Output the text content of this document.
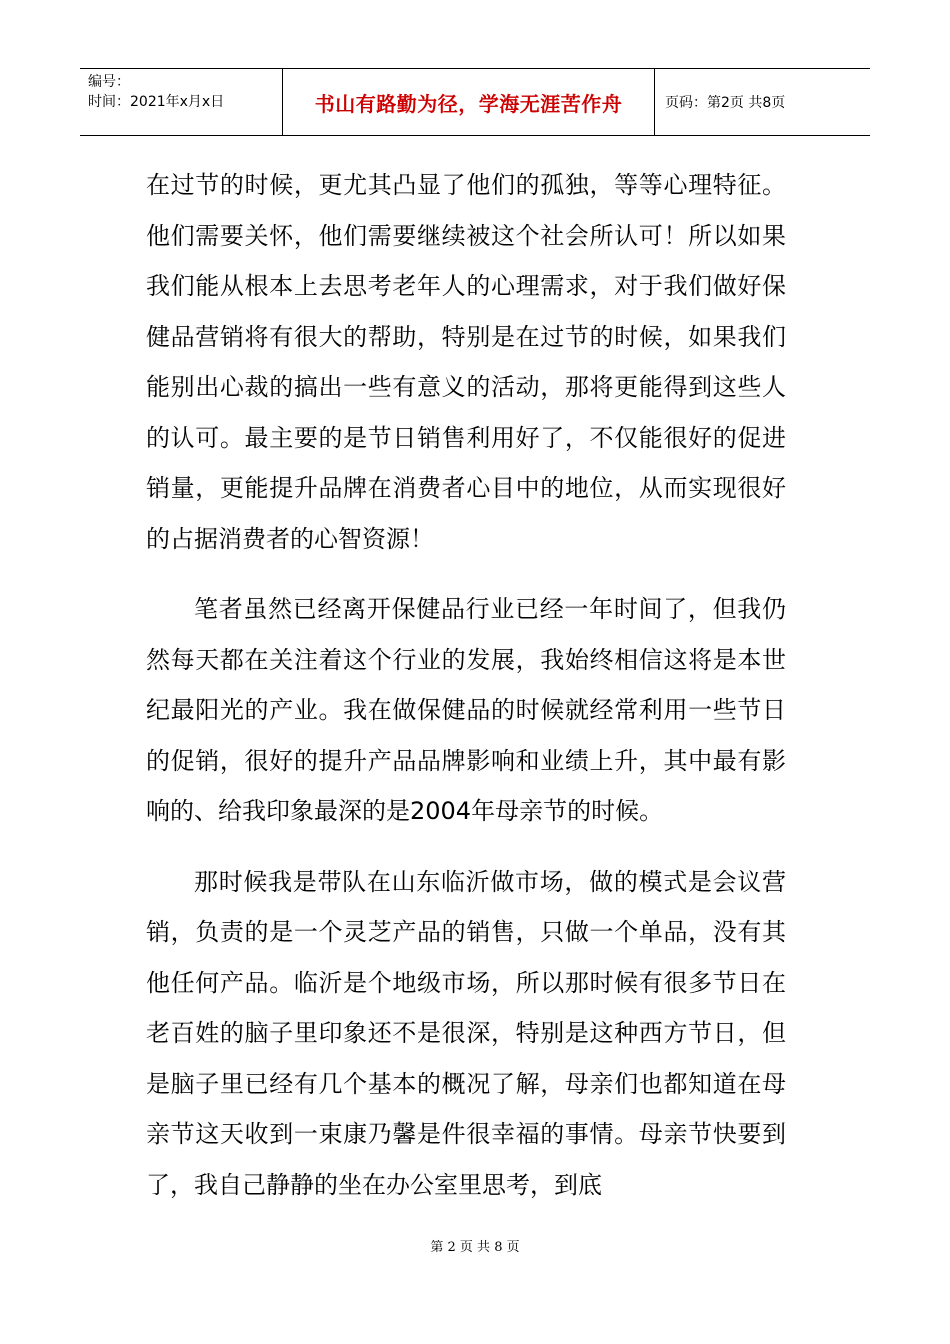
编号：
时间：2021年x月x日	书山有路勤为径，学海无涯苦作舟	页码：第2页 共8页

在过节的时候，更尤其凸显了他们的孤独，等等心理特征。他们需要关怀，他们需要继续被这个社会所认可！所以如果我们能从根本上去思考老年人的心理需求，对于我们做好保健品营销将有很大的帮助，特别是在过节的时候，如果我们能别出心裁的搞出一些有意义的活动，那将更能得到这些人的认可。最主要的是节日销售利用好了，不仅能很好的促进销量，更能提升品牌在消费者心目中的地位，从而实现很好的占据消费者的心智资源！

笔者虽然已经离开保健品行业已经一年时间了，但我仍然每天都在关注着这个行业的发展，我始终相信这将是本世纪最阳光的产业。我在做保健品的时候就经常利用一些节日的促销，很好的提升产品品牌影响和业绩上升，其中最有影响的、给我印象最深的是2004年母亲节的时候。

那时候我是带队在山东临沂做市场，做的模式是会议营销，负责的是一个灵芝产品的销售，只做一个单品，没有其他任何产品。临沂是个地级市场，所以那时候有很多节日在老百姓的脑子里印象还不是很深，特别是这种西方节日，但是脑子里已经有几个基本的概况了解，母亲们也都知道在母亲节这天收到一束康乃馨是件很幸福的事情。母亲节快要到了，我自己静静的坐在办公室里思考，到底

第 2 页 共 8 页
